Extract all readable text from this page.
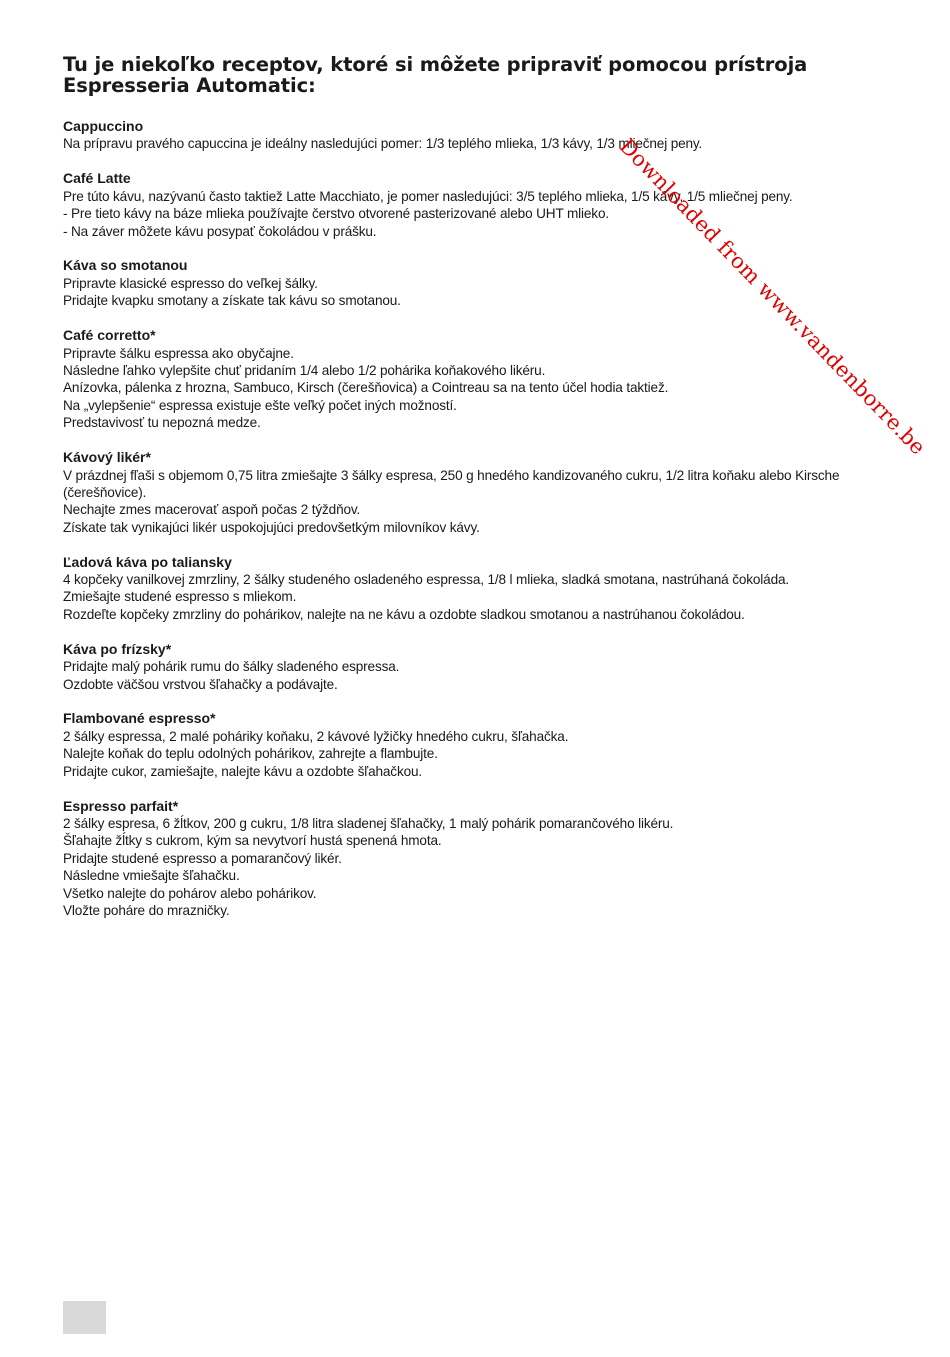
Tu je niekoľko receptov, ktoré si môžete pripraviť pomocou prístroja Espresseria Automatic:
Cappuccino
Na prípravu pravého capuccina je ideálny nasledujúci pomer: 1/3 teplého mlieka, 1/3 kávy, 1/3 mliečnej peny.
Café Latte
Pre túto kávu, nazývanú často taktiež Latte Macchiato, je pomer nasledujúci: 3/5 teplého mlieka, 1/5 kávy, 1/5 mliečnej peny.
- Pre tieto kávy na báze mlieka používajte čerstvo otvorené pasterizované alebo UHT mlieko.
- Na záver môžete kávu posypať čokoládou v prášku.
Káva so smotanou
Pripravte klasické espresso do veľkej šálky.
Pridajte kvapku smotany a získate tak kávu so smotanou.
Café corretto*
Pripravte šálku espressa ako obyčajne.
Následne ľahko vylepšite chuť pridaním 1/4 alebo 1/2 pohárika koňakového likéru.
Anízovka, pálenka z hrozna, Sambuco, Kirsch (čerešňovica) a Cointreau sa na tento účel hodia taktiež.
Na „vylepšenie“ espressa existuje ešte veľký počet iných možností.
Predstavivosť tu nepozná medze.
Kávový likér*
V prázdnej fľaši s objemom 0,75 litra zmiešajte 3 šálky espresa, 250 g hnedého kandizovaného cukru, 1/2 litra koňaku alebo Kirsche
(čerešňovice).
Nechajte zmes macerovať aspoň počas 2 týždňov.
Získate tak vynikajúci likér uspokojujúci predovšetkým milovníkov kávy.
Ľadová káva po taliansky
4 kopčeky vanilkovej zmrzliny, 2 šálky studeného osladeného espressa, 1/8 l mlieka, sladká smotana, nastrúhaná čokoláda.
Zmiešajte studené espresso s mliekom.
Rozdeľte kopčeky zmrzliny do pohárikov, nalejte na ne kávu a ozdobte sladkou smotanou a nastrúhanou čokoládou.
Káva po frízsky*
Pridajte malý pohárik rumu do šálky sladeného espressa.
Ozdobte väčšou vrstvou šľahačky a podávajte.
Flambované espresso*
2 šálky espressa, 2 malé poháriky koňaku, 2 kávové lyžičky hnedého cukru, šľahačka.
Nalejte koňak do teplu odolných pohárikov, zahrejte a flambujte.
Pridajte cukor, zamiešajte, nalejte kávu a ozdobte šľahačkou.
Espresso parfait*
2 šálky espresa, 6 žĺtkov, 200 g cukru, 1/8 litra sladenej šľahačky, 1 malý pohárik pomarančového likéru.
Šľahajte žĺtky s cukrom, kým sa nevytvorí hustá spenená hmota.
Pridajte studené espresso a pomarančový likér.
Následne vmiešajte šľahačku.
Všetko nalejte do pohárov alebo pohárikov.
Vložte poháre do mrazničky.
Downloaded from www.vandenborre.be
